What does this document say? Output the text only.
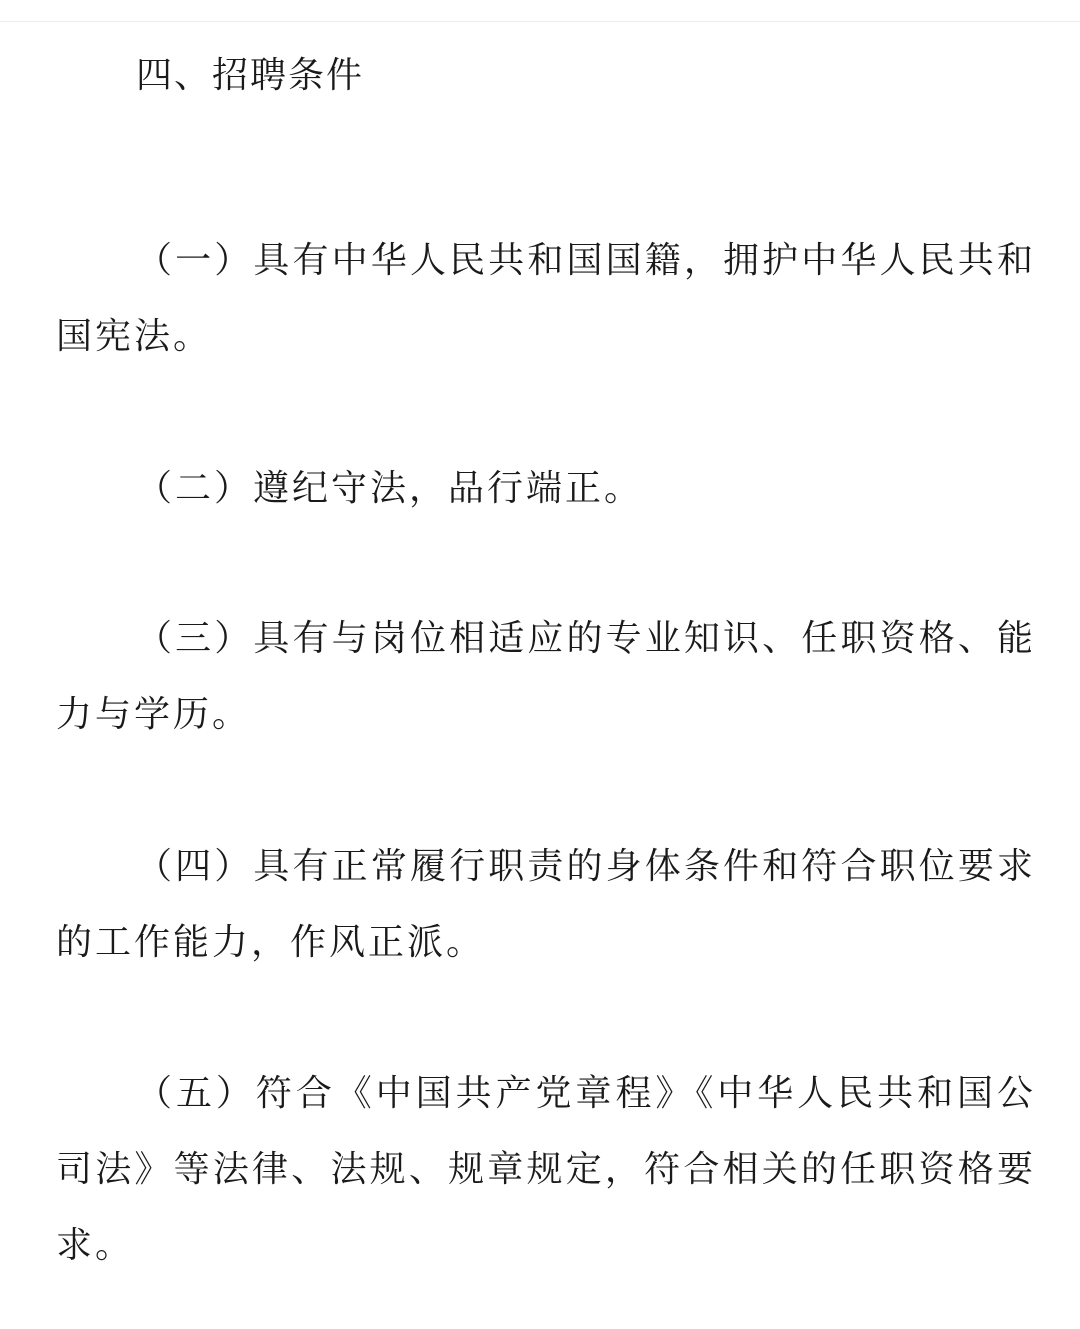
四、招聘条件

（一）具有中华人民共和国国籍，拥护中华人民共和国宪法。

（二）遵纪守法，品行端正。

（三）具有与岗位相适应的专业知识、任职资格、能力与学历。

（四）具有正常履行职责的身体条件和符合职位要求的工作能力，作风正派。

（五）符合《中国共产党章程》《中华人民共和国公司法》等法律、法规、规章规定，符合相关的任职资格要求。
